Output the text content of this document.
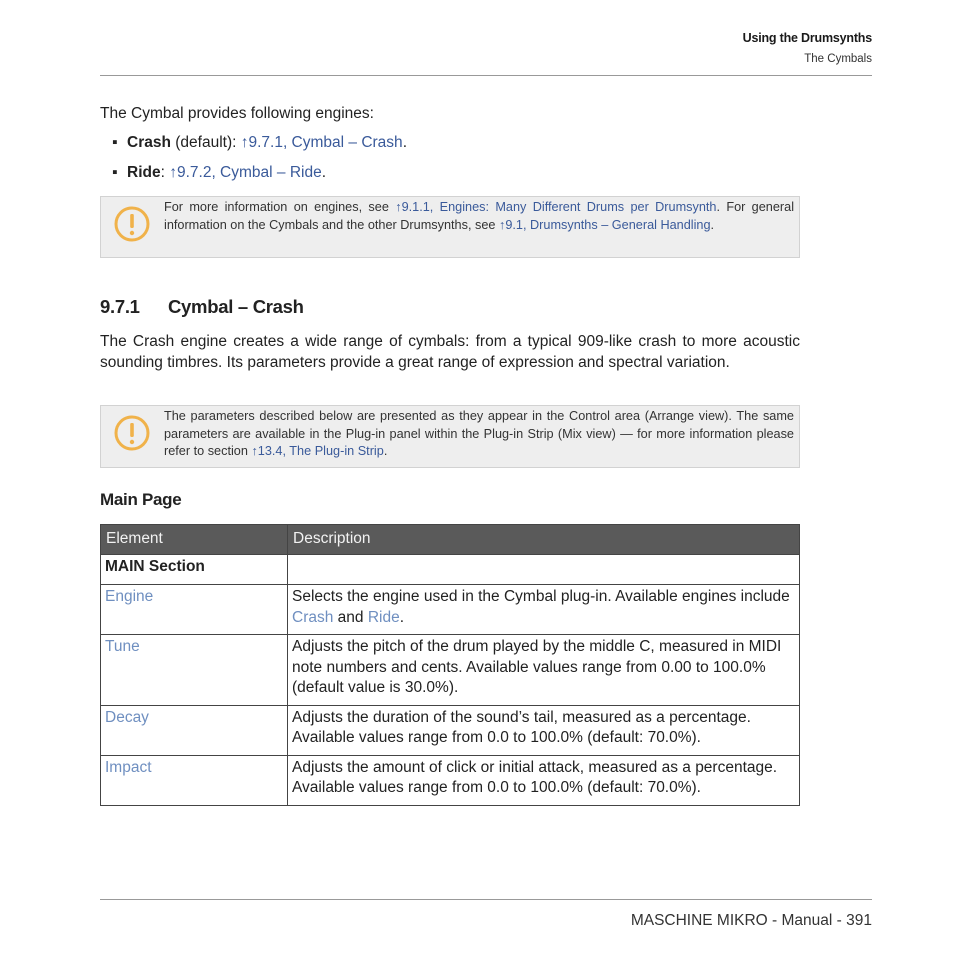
Using the Drumsynths
The Cymbals
The Cymbal provides following engines:
▪ Crash (default): ↑9.7.1, Cymbal – Crash.
▪ Ride: ↑9.7.2, Cymbal – Ride.
For more information on engines, see ↑9.1.1, Engines: Many Different Drums per Drumsynth. For general information on the Cymbals and the other Drumsynths, see ↑9.1, Drumsynths – General Handling.
9.7.1 Cymbal – Crash
The Crash engine creates a wide range of cymbals: from a typical 909-like crash to more acoustic sounding timbres. Its parameters provide a great range of expression and spectral variation.
The parameters described below are presented as they appear in the Control area (Arrange view). The same parameters are available in the Plug-in panel within the Plug-in Strip (Mix view) — for more information please refer to section ↑13.4, The Plug-in Strip.
Main Page
Element	Description
MAIN Section	
Engine	Selects the engine used in the Cymbal plug-in. Available engines include Crash and Ride.
Tune	Adjusts the pitch of the drum played by the middle C, measured in MIDI note numbers and cents. Available values range from 0.00 to 100.0% (default value is 30.0%).
Decay	Adjusts the duration of the sound’s tail, measured as a percentage. Available values range from 0.0 to 100.0% (default: 70.0%).
Impact	Adjusts the amount of click or initial attack, measured as a percentage. Available values range from 0.0 to 100.0% (default: 70.0%).
MASCHINE MIKRO - Manual - 391
